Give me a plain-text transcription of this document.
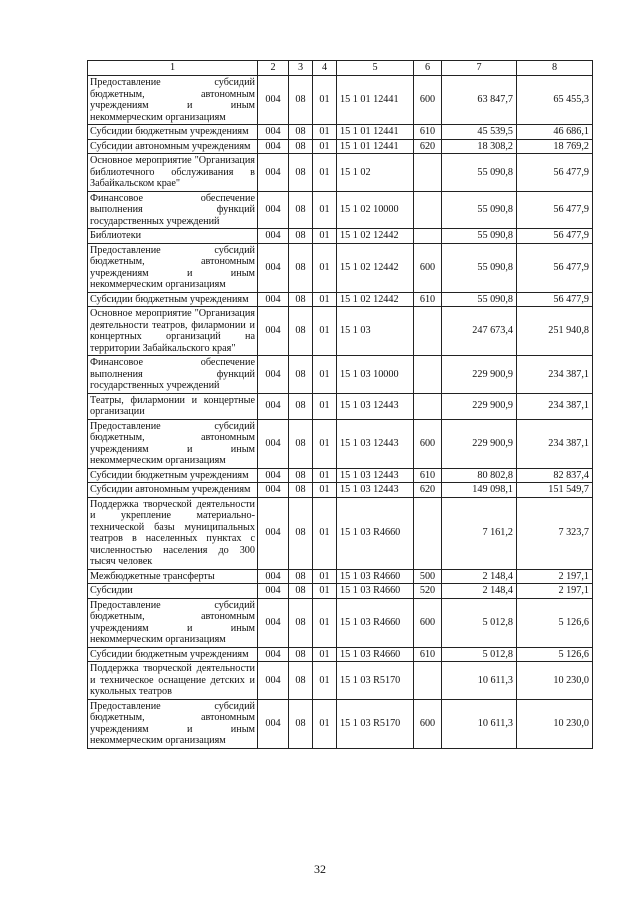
1	2	3	4	5	6	7	8
Предоставление субсидий бюджетным, автономным учреждениям и иным некоммерческим организациям	004	08	01	15 1 01 12441	600	63 847,7	65 455,3
Субсидии бюджетным учреждениям	004	08	01	15 1 01 12441	610	45 539,5	46 686,1
Субсидии автономным учреждениям	004	08	01	15 1 01 12441	620	18 308,2	18 769,2
Основное мероприятие "Организация библиотечного обслуживания в Забайкальском крае"	004	08	01	15 1 02		55 090,8	56 477,9
Финансовое обеспечение выполнения функций государственных учреждений	004	08	01	15 1 02 10000		55 090,8	56 477,9
Библиотеки	004	08	01	15 1 02 12442		55 090,8	56 477,9
Предоставление субсидий бюджетным, автономным учреждениям и иным некоммерческим организациям	004	08	01	15 1 02 12442	600	55 090,8	56 477,9
Субсидии бюджетным учреждениям	004	08	01	15 1 02 12442	610	55 090,8	56 477,9
Основное мероприятие "Организация деятельности театров, филармонии и концертных организаций на территории Забайкальского края"	004	08	01	15 1 03		247 673,4	251 940,8
Финансовое обеспечение выполнения функций государственных учреждений	004	08	01	15 1 03 10000		229 900,9	234 387,1
Театры, филармонии и концертные организации	004	08	01	15 1 03 12443		229 900,9	234 387,1
Предоставление субсидий бюджетным, автономным учреждениям и иным некоммерческим организациям	004	08	01	15 1 03 12443	600	229 900,9	234 387,1
Субсидии бюджетным учреждениям	004	08	01	15 1 03 12443	610	80 802,8	82 837,4
Субсидии автономным учреждениям	004	08	01	15 1 03 12443	620	149 098,1	151 549,7
Поддержка творческой деятельности и укрепление материально-технической базы муниципальных театров в населенных пунктах с численностью населения до 300 тысяч человек	004	08	01	15 1 03 R4660		7 161,2	7 323,7
Межбюджетные трансферты	004	08	01	15 1 03 R4660	500	2 148,4	2 197,1
Субсидии	004	08	01	15 1 03 R4660	520	2 148,4	2 197,1
Предоставление субсидий бюджетным, автономным учреждениям и иным некоммерческим организациям	004	08	01	15 1 03 R4660	600	5 012,8	5 126,6
Субсидии бюджетным учреждениям	004	08	01	15 1 03 R4660	610	5 012,8	5 126,6
Поддержка творческой деятельности и техническое оснащение детских и кукольных театров	004	08	01	15 1 03 R5170		10 611,3	10 230,0
Предоставление субсидий бюджетным, автономным учреждениям и иным некоммерческим организациям	004	08	01	15 1 03 R5170	600	10 611,3	10 230,0
32
